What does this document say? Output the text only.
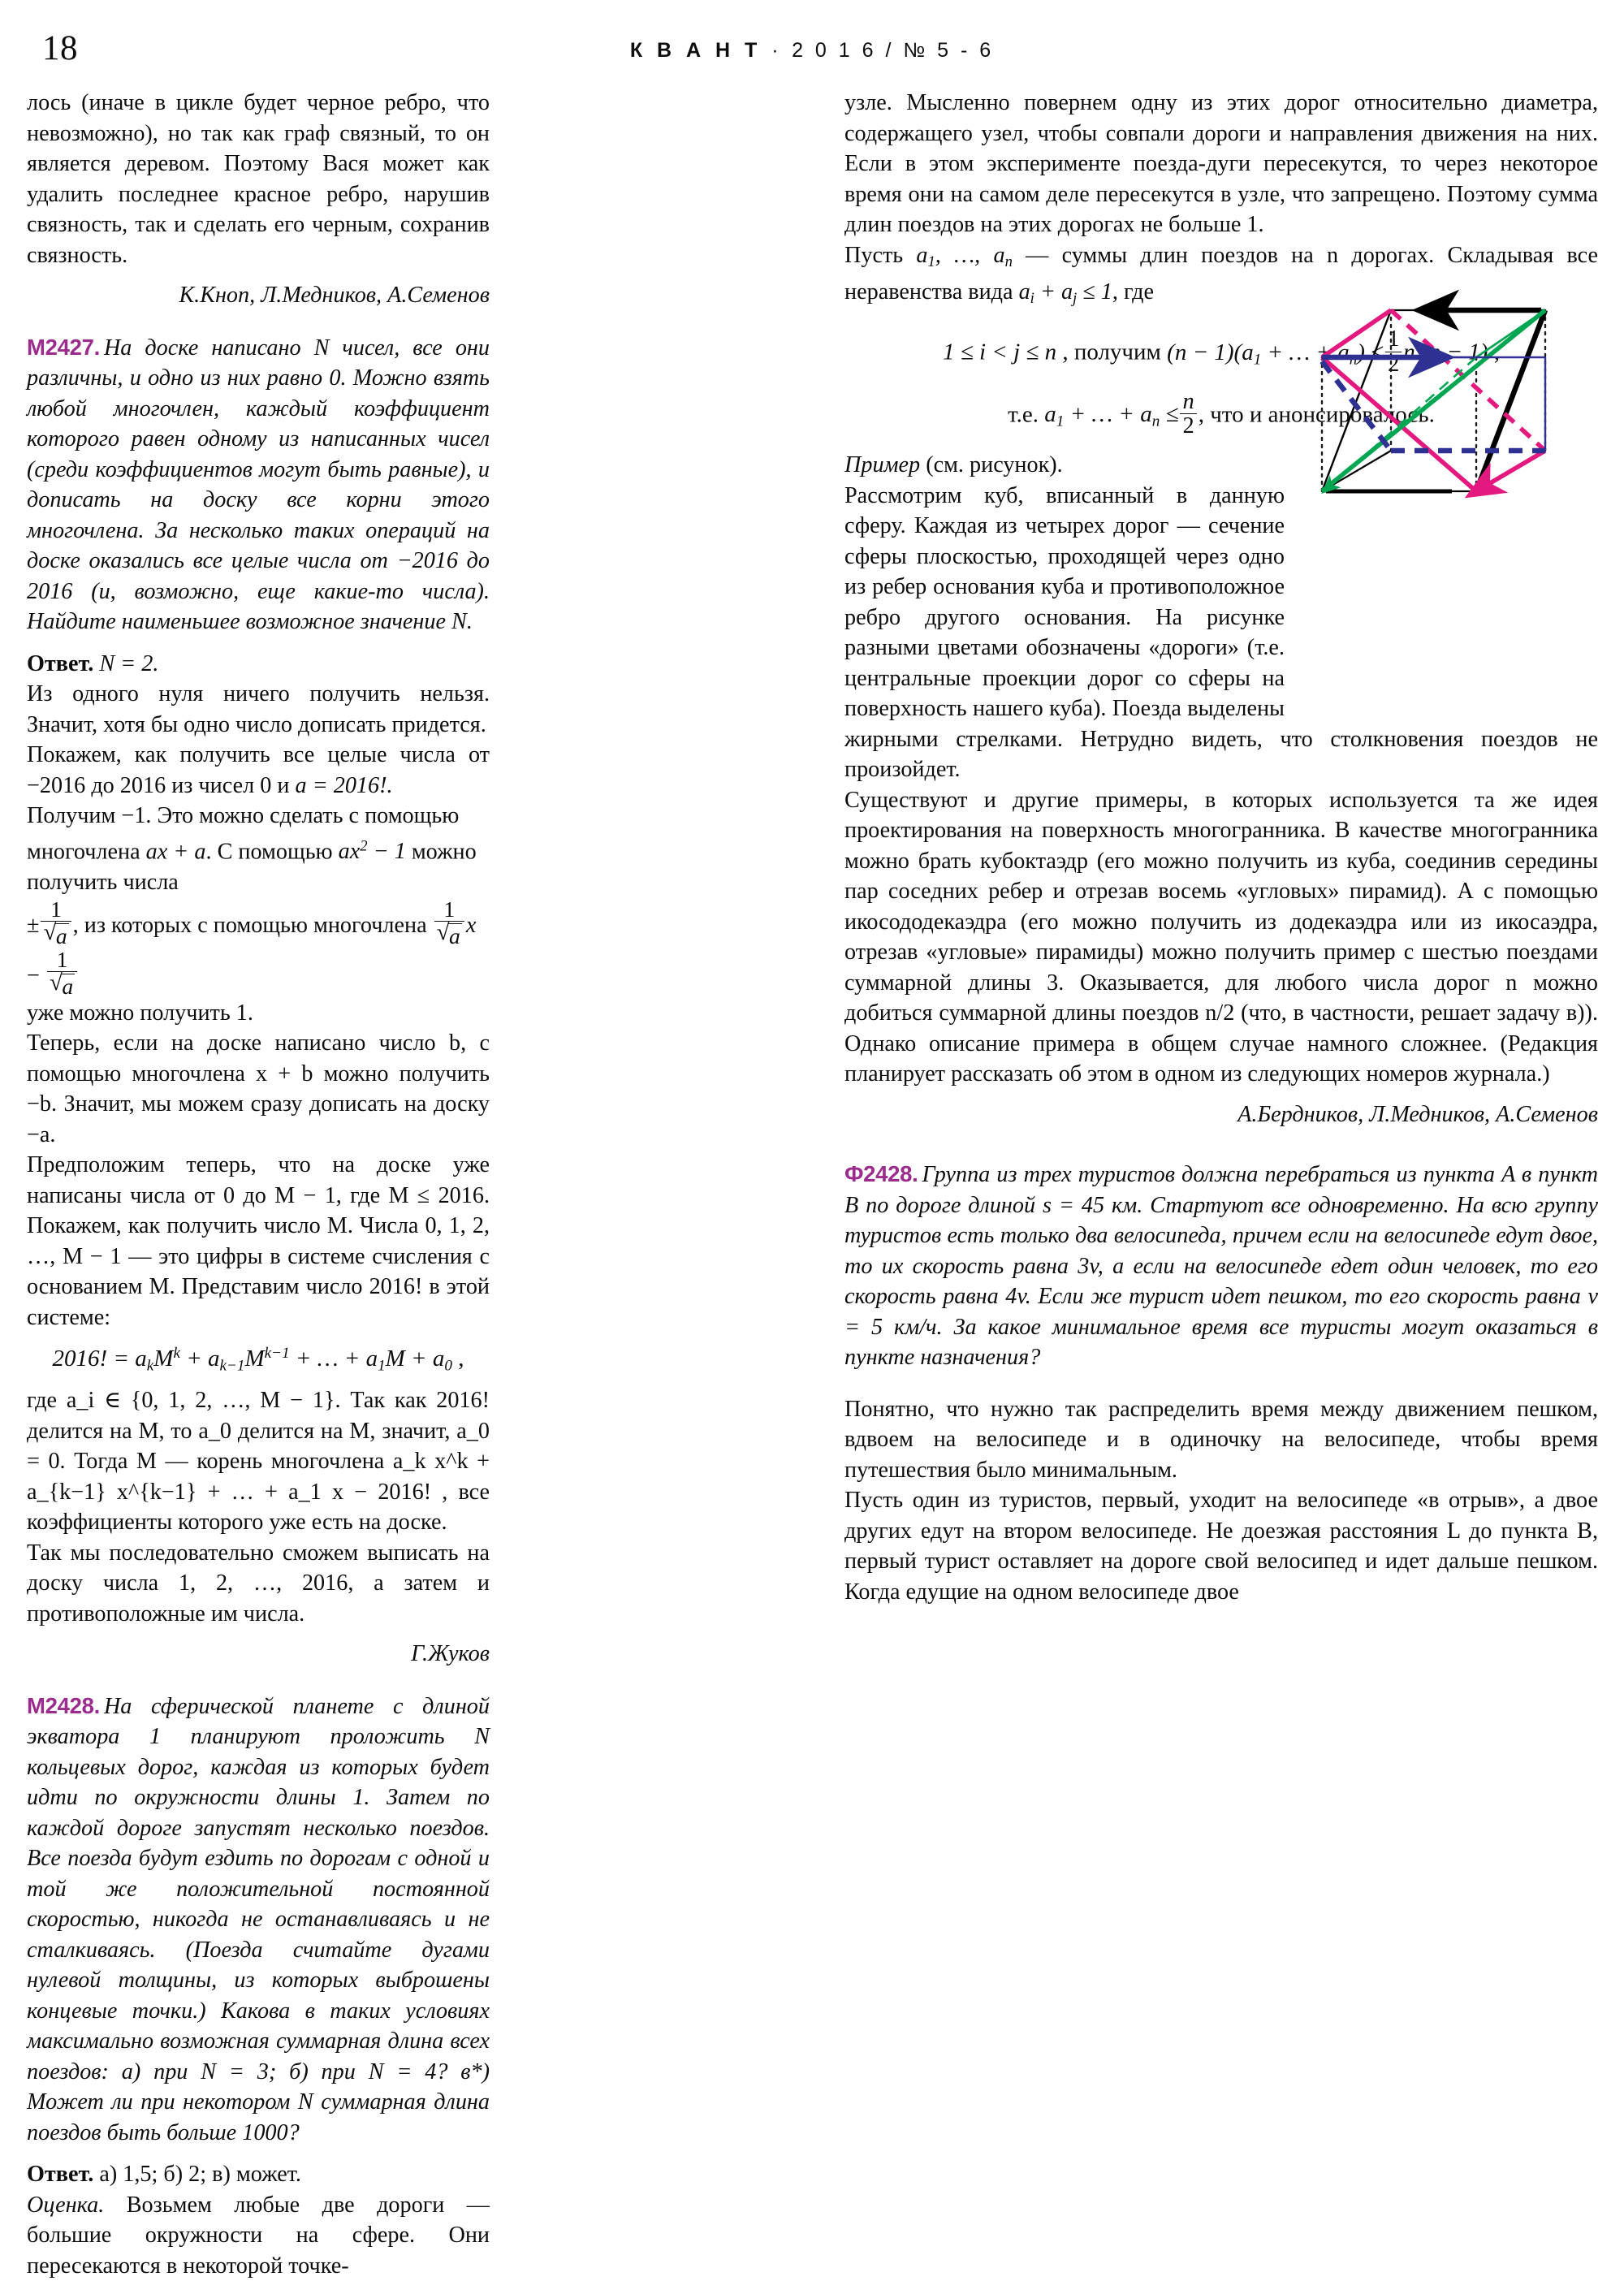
18	К В А Н Т · 2 0 1 6 / № 5 - 6

лось (иначе в цикле будет черное ребро, что невозможно), но так как граф связный, то он является деревом. Поэтому Вася может как удалить последнее красное ребро, нарушив связность, так и сделать его черным, сохранив связность.

К.Кноп, Л.Медников, А.Семенов

M2427. На доске написано N чисел, все они различны, и одно из них равно 0. Можно взять любой многочлен, каждый коэффициент которого равен одному из написанных чисел (среди коэффициентов могут быть равные), и дописать на доску все корни этого многочлена. За несколько таких операций на доске оказались все целые числа от −2016 до 2016 (и, возможно, еще какие-то числа). Найдите наименьшее возможное значение N.

Ответ. N = 2.

Из одного нуля ничего получить нельзя. Значит, хотя бы одно число дописать придется.

Покажем, как получить все целые числа от −2016 до 2016 из чисел 0 и a = 2016!.

Получим −1. Это можно сделать с помощью многочлена ax + a. С помощью $ax^2 - 1$ можно получить числа

± 1
√ a , из которых с помощью многочлена 1
√ a x − 1
√ a

уже можно получить 1.

Теперь, если на доске написано число b, с помощью многочлена x + b можно получить −b. Значит, мы можем сразу дописать на доску −a.

Предположим теперь, что на доске уже написаны числа от 0 до M − 1, где M ≤ 2016. Покажем, как получить число M. Числа 0, 1, 2, …, M − 1 — это цифры в системе счисления с основанием M. Представим число 2016! в этой системе:

2016! = $a_kM^k + a_{k-1}M^{k-1}$ + … + $a_1M + a_0$ ,

где a_i ∈ {0, 1, 2, …, M − 1}. Так как 2016! делится на M, то a_0 делится на M, значит, a_0 = 0. Тогда M — корень многочлена a_k x^k + a_{k−1} x^{k−1} + … + a_1 x − 2016! , все коэффициенты которого уже есть на доске.

Так мы последовательно сможем выписать на доску числа 1, 2, …, 2016, а затем и противоположные им числа.

Г.Жуков

M2428. На сферической планете с длиной экватора 1 планируют проложить N кольцевых дорог, каждая из которых будет идти по окружности длины 1. Затем по каждой дороге запустят несколько поездов. Все поезда будут ездить по дорогам с одной и той же положительной постоянной скоростью, никогда не останавливаясь и не сталкиваясь. (Поезда считайте дугами нулевой толщины, из которых выброшены концевые точки.) Какова в таких условиях максимально возможная суммарная длина всех поездов: а) при N = 3; б) при N = 4? в*) Может ли при некотором N суммарная длина поездов быть больше 1000?

Ответ. а) 1,5; б) 2; в) может.

Оценка. Возьмем любые две дороги — большие окружности на сфере. Они пересекаются в некоторой точке-

узле. Мысленно повернем одну из этих дорог относительно диаметра, содержащего узел, чтобы совпали дороги и направления движения на них. Если в этом эксперименте поезда-дуги пересекутся, то через некоторое время они на самом деле пересекутся в узле, что запрещено. Поэтому сумма длин поездов на этих дорогах не больше 1.

Пусть $a_1$, …, $a_n$ — суммы длин поездов на n дорогах. Складывая все неравенства вида $a_i + a_j \le 1$, где

1 ≤ i < j ≤ n , получим $(n - 1)(a_1$ + … + $a_n) \le \frac{1}{2}$ n (n − 1) ,

т.е. $a_1$ + … + $a_n \le \frac{n}{2}$ , что и анонсировалось.

Пример (см. рисунок).

Рассмотрим куб, вписанный в данную сферу. Каждая из четырех дорог — сечение сферы плоскостью, проходящей через одно из ребер основания куба и противоположное ребро другого основания. На рисунке разными цветами обозначены «дороги» (т.е. центральные проекции дорог со сферы на поверхность нашего куба). Поезда выделены жирными стрелками. Нетрудно видеть, что столкновения поездов не произойдет.

Существуют и другие примеры, в которых используется та же идея проектирования на поверхность многогранника. В качестве многогранника можно брать кубоктаэдр (его можно получить из куба, соединив середины пар соседних ребер и отрезав восемь «угловых» пирамид). А с помощью икосододекаэдра (его можно получить из додекаэдра или из икосаэдра, отрезав «угловые» пирамиды) можно получить пример с шестью поездами суммарной длины 3. Оказывается, для любого числа дорог n можно добиться суммарной длины поездов n/2 (что, в частности, решает задачу в)). Однако описание примера в общем случае намного сложнее. (Редакция планирует рассказать об этом в одном из следующих номеров журнала.)

А.Бердников, Л.Медников, А.Семенов

Ф2428. Группа из трех туристов должна перебраться из пункта A в пункт B по дороге длиной s = 45 км. Стартуют все одновременно. На всю группу туристов есть только два велосипеда, причем если на велосипеде едут двое, то их скорость равна 3v, а если на велосипеде едет один человек, то его скорость равна 4v. Если же турист идет пешком, то его скорость равна v = 5 км/ч. За какое минимальное время все туристы могут оказаться в пункте назначения?

Понятно, что нужно так распределить время между движением пешком, вдвоем на велосипеде и в одиночку на велосипеде, чтобы время путешествия было минимальным.

Пусть один из туристов, первый, уходит на велосипеде «в отрыв», а двое других едут на втором велосипеде. Не доезжая расстояния L до пункта B, первый турист оставляет на дороге свой велосипед и идет дальше пешком. Когда едущие на одном велосипеде двое
